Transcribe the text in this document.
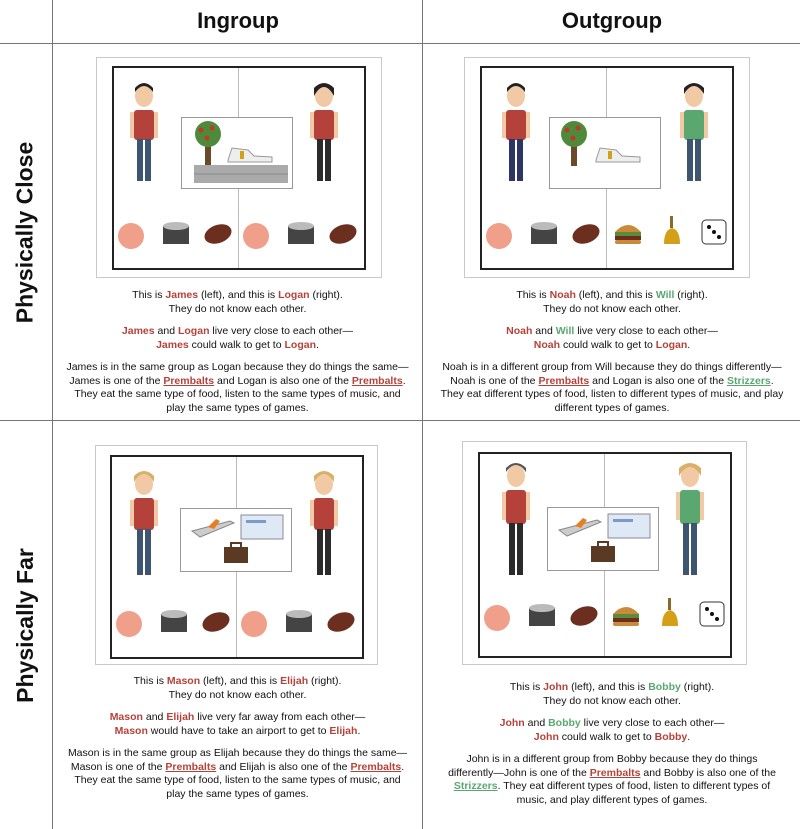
Ingroup	Outgroup
Physically Close
Physically Far

This is James (left), and this is Logan (right).
They do not know each other.

James and Logan live very close to each other—
James could walk to get to Logan.

James is in the same group as Logan because they do things the same—
James is one of the Prembalts and Logan is also one of the Prembalts.
They eat the same type of food, listen to the same types of music, and
play the same types of games.

This is Noah (left), and this is Will (right).
They do not know each other.

Noah and Will live very close to each other—
Noah could walk to get to Logan.

Noah is in a different group from Will because they do things differently—
Noah is one of the Prembalts and Logan is also one of the Strizzers.
They eat different types of food, listen to different types of music, and play
different types of games.

This is Mason (left), and this is Elijah (right).
They do not know each other.

Mason and Elijah live very far away from each other—
Mason would have to take an airport to get to Elijah.

Mason is in the same group as Elijah because they do things the same—
Mason is one of the Prembalts and Elijah is also one of the Prembalts.
They eat the same type of food, listen to the same types of music, and
play the same types of games.

This is John (left), and this is Bobby (right).
They do not know each other.

John and Bobby live very close to each other—
John could walk to get to Bobby.

John is in a different group from Bobby because they do things
differently—John is one of the Prembalts and Bobby is also one of the
Strizzers. They eat different types of food, listen to different types of
music, and play different types of games.
